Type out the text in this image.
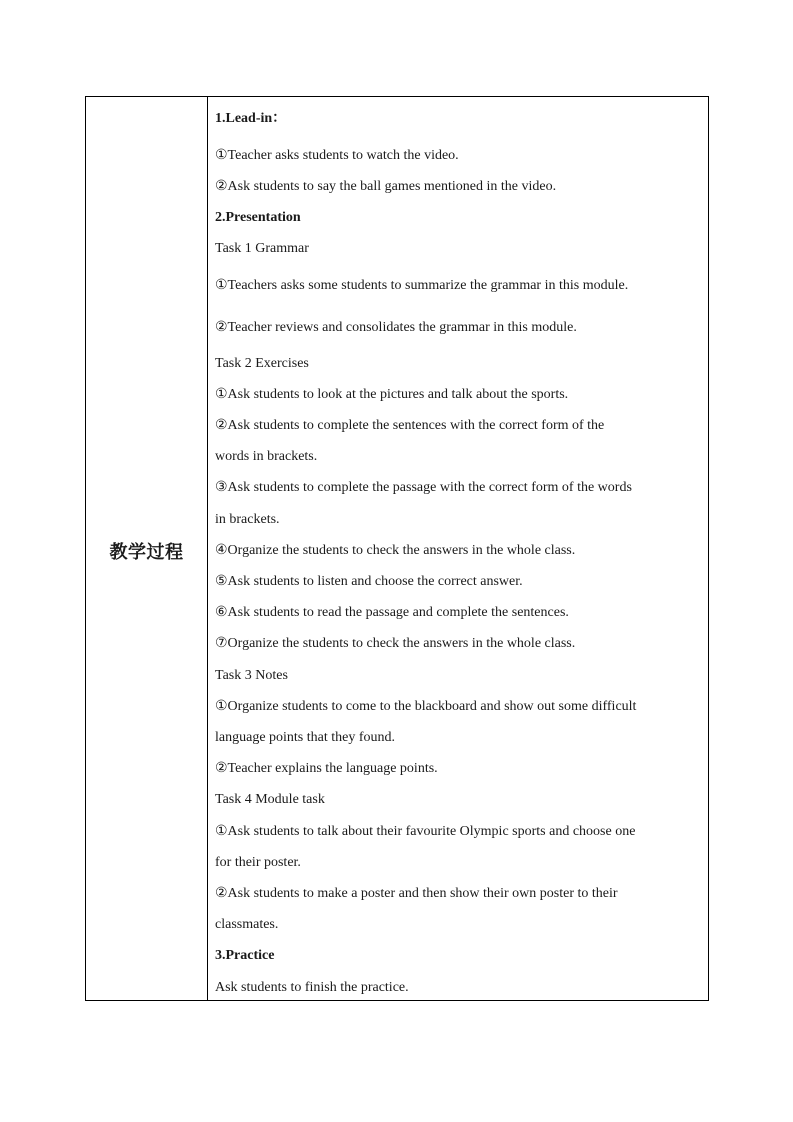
教学过程
1.Lead-in：
①Teacher asks students to watch the video.
②Ask students to say the ball games mentioned in the video.
2.Presentation
Task 1 Grammar
①Teachers asks some students to summarize the grammar in this module.
②Teacher reviews and consolidates the grammar in this module.
Task 2 Exercises
①Ask students to look at the pictures and talk about the sports.
②Ask students to complete the sentences with the correct form of the
words in brackets.
③Ask students to complete the passage with the correct form of the words
in brackets.
④Organize the students to check the answers in the whole class.
⑤Ask students to listen and choose the correct answer.
⑥Ask students to read the passage and complete the sentences.
⑦Organize the students to check the answers in the whole class.
Task 3 Notes
①Organize students to come to the blackboard and show out some difficult
language points that they found.
②Teacher explains the language points.
Task 4 Module task
①Ask students to talk about their favourite Olympic sports and choose one
for their poster.
②Ask students to make a poster and then show their own poster to their
classmates.
3.Practice
Ask students to finish the practice.
